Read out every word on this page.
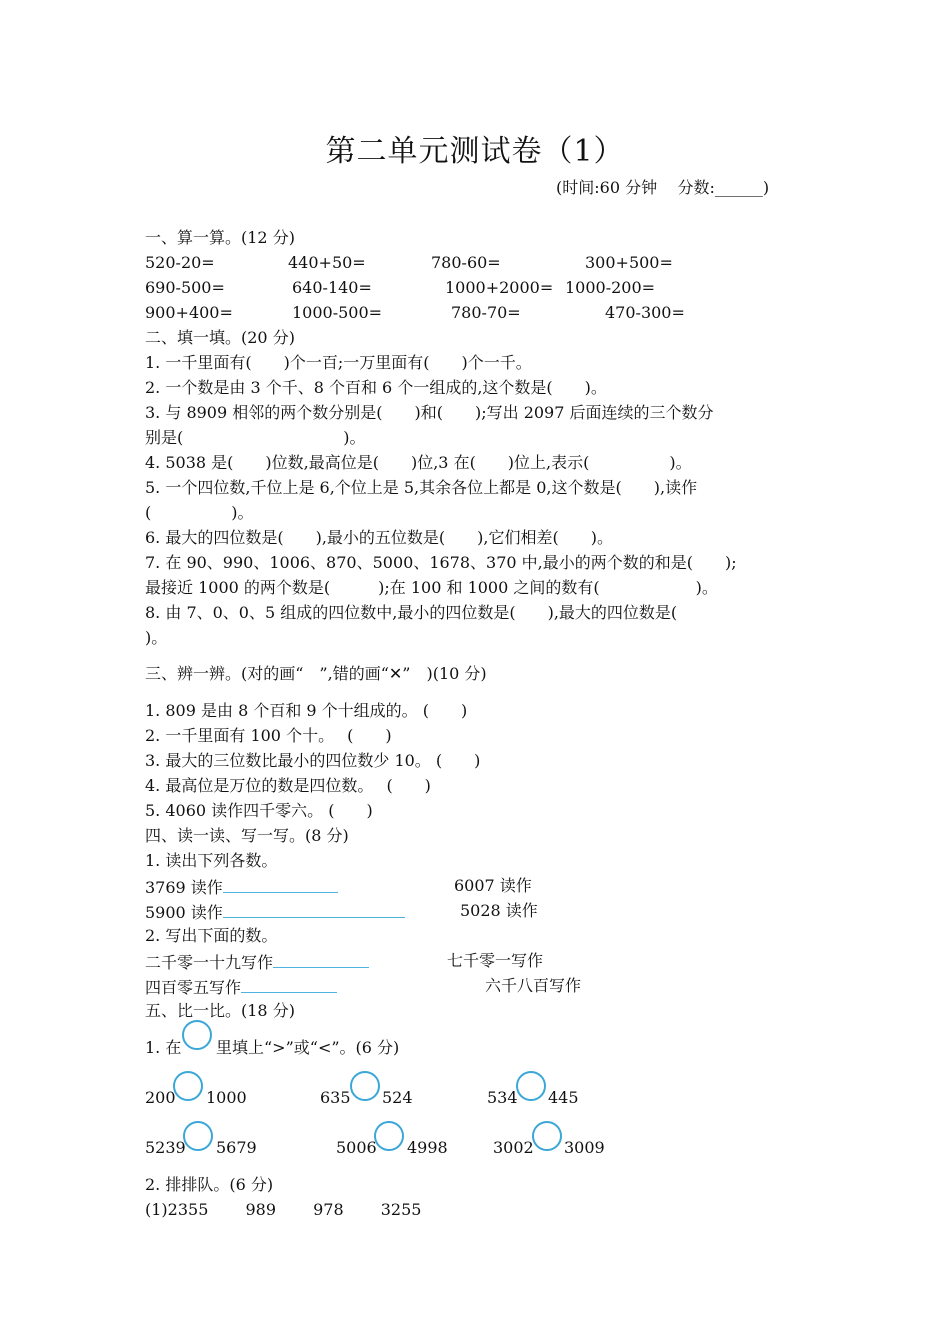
第二单元测试卷（1）
(时间:60 分钟 分数:______)
一、算一算。(12 分)
520-20=	440+50=	780-60=	300+500=
690-500=	640-140=	1000+2000= 1000-200=
900+400=	1000-500=	780-70=	470-300=
二、填一填。(20 分)
1. 一千里面有(　　)个一百;一万里面有(　　)个一千。
2. 一个数是由 3 个千、8 个百和 6 个一组成的,这个数是(　　)。
3. 与 8909 相邻的两个数分别是(　　)和(　　);写出 2097 后面连续的三个数分
别是(　　　　　　　　　　)。
4. 5038 是(　　)位数,最高位是(　　)位,3 在(　　)位上,表示(　　　　　)。
5. 一个四位数,千位上是 6,个位上是 5,其余各位上都是 0,这个数是(　　),读作
(　　　　　)。
6. 最大的四位数是(　　),最小的五位数是(　　),它们相差(　　)。
7. 在 90、990、1006、870、5000、1678、370 中,最小的两个数的和是(　　);
最接近 1000 的两个数是(　　　);在 100 和 1000 之间的数有(　　　　　　)。
8. 由 7、0、0、5 组成的四位数中,最小的四位数是(　　),最大的四位数是(
)。
三、辨一辨。(对的画“　”,错的画“✕”　)(10 分)
1. 809 是由 8 个百和 9 个十组成的。 (　　)
2. 一千里面有 100 个十。　 (　　)
3. 最大的三位数比最小的四位数少 10。 (　　)
4. 最高位是万位的数是四位数。　 (　　)
5. 4060 读作四千零六。 (　　)
四、读一读、写一写。(8 分)
1. 读出下列各数。
3769 读作	6007 读作
5900 读作	5028 读作
2. 写出下面的数。
二千零一十九写作	七千零一写作
四百零五写作	六千八百写作
五、比一比。(18 分)
1. 在 里填上“>”或“<”。(6 分)
200 1000	635 524	534 445
5239 5679	5006 4998	3002 3009
2. 排排队。(6 分)
(1)2355　　 989　　 978　　 3255
